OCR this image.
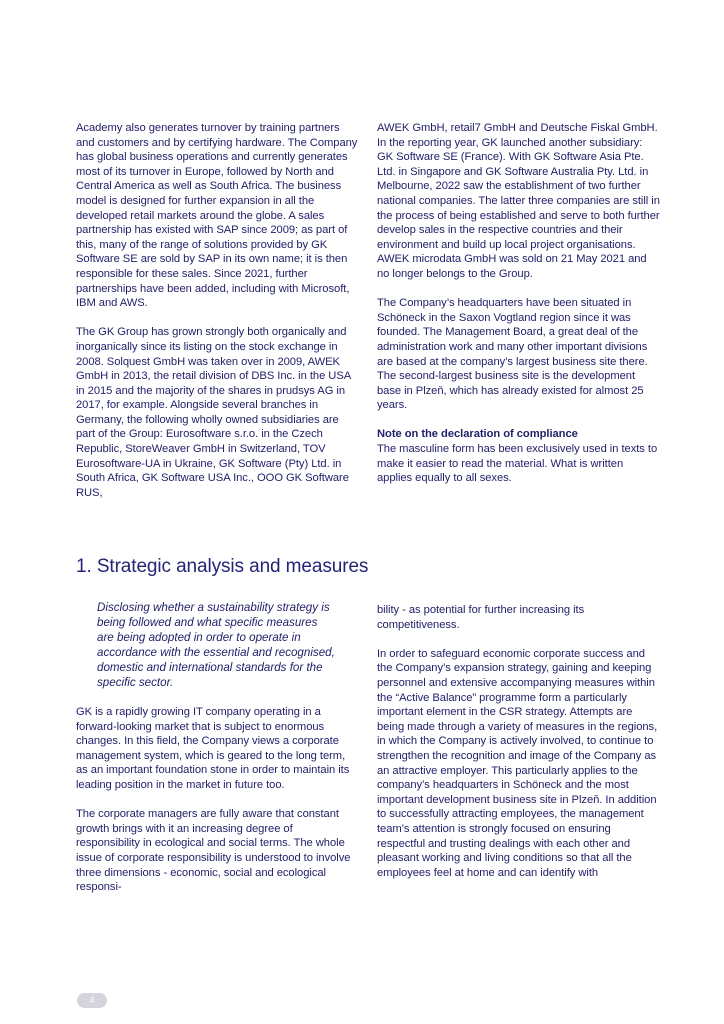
Academy also generates turnover by training partners and customers and by certifying hardware. The Company has global business operations and currently generates most of its turnover in Europe, followed by North and Central America as well as South Africa. The business model is designed for further expansion in all the developed retail markets around the globe. A sales partnership has existed with SAP since 2009; as part of this, many of the range of solutions provided by GK Software SE are sold by SAP in its own name; it is then responsible for these sales. Since 2021, further partnerships have been added, including with Microsoft, IBM and AWS.

The GK Group has grown strongly both organically and inorganically since its listing on the stock exchange in 2008. Solquest GmbH was taken over in 2009, AWEK GmbH in 2013, the retail division of DBS Inc. in the USA in 2015 and the majority of the shares in prudsys AG in 2017, for example. Alongside several branches in Germany, the following wholly owned subsidiaries are part of the Group: Eurosoftware s.r.o. in the Czech Republic, StoreWeaver GmbH in Switzerland, TOV Eurosoftware-UA in Ukraine, GK Software (Pty) Ltd. in South Africa, GK Software USA Inc., OOO GK Software RUS,

AWEK GmbH, retail7 GmbH and Deutsche Fiskal GmbH. In the reporting year, GK launched another subsidiary: GK Software SE (France). With GK Software Asia Pte. Ltd. in Singapore and GK Software Australia Pty. Ltd. in Melbourne, 2022 saw the establishment of two further national companies. The latter three companies are still in the process of being established and serve to both further develop sales in the respective countries and their environment and build up local project organisations. AWEK microdata GmbH was sold on 21 May 2021 and no longer belongs to the Group.

The Company’s headquarters have been situated in Schöneck in the Saxon Vogtland region since it was founded. The Management Board, a great deal of the administration work and many other important divisions are based at the company’s largest business site there. The second-largest business site is the development base in Plzeň, which has already existed for almost 25 years.

Note on the declaration of compliance

The masculine form has been exclusively used in texts to make it easier to read the material. What is written applies equally to all sexes.

1. Strategic analysis and measures

Disclosing whether a sustainability strategy is being followed and what specific measures are being adopted in order to operate in accordance with the essential and recognised, domestic and international standards for the specific sector.

GK is a rapidly growing IT company operating in a forward-looking market that is subject to enormous changes. In this field, the Company views a corporate management system, which is geared to the long term, as an important foundation stone in order to maintain its leading position in the market in future too.

The corporate managers are fully aware that constant growth brings with it an increasing degree of responsibility in ecological and social terms. The whole issue of corporate responsibility is understood to involve three dimensions - economic, social and ecological responsi-

bility - as potential for further increasing its competitiveness.

In order to safeguard economic corporate success and the Company’s expansion strategy, gaining and keeping personnel and extensive accompanying measures within the “Active Balance” programme form a particularly important element in the CSR strategy. Attempts are being made through a variety of measures in the regions, in which the Company is actively involved, to continue to strengthen the recognition and image of the Company as an attractive employer. This particularly applies to the company’s headquarters in Schöneck and the most important development business site in Plzeň. In addition to successfully attracting employees, the management team’s attention is strongly focused on ensuring respectful and trusting dealings with each other and pleasant working and living conditions so that all the employees feel at home and can identify with

4
